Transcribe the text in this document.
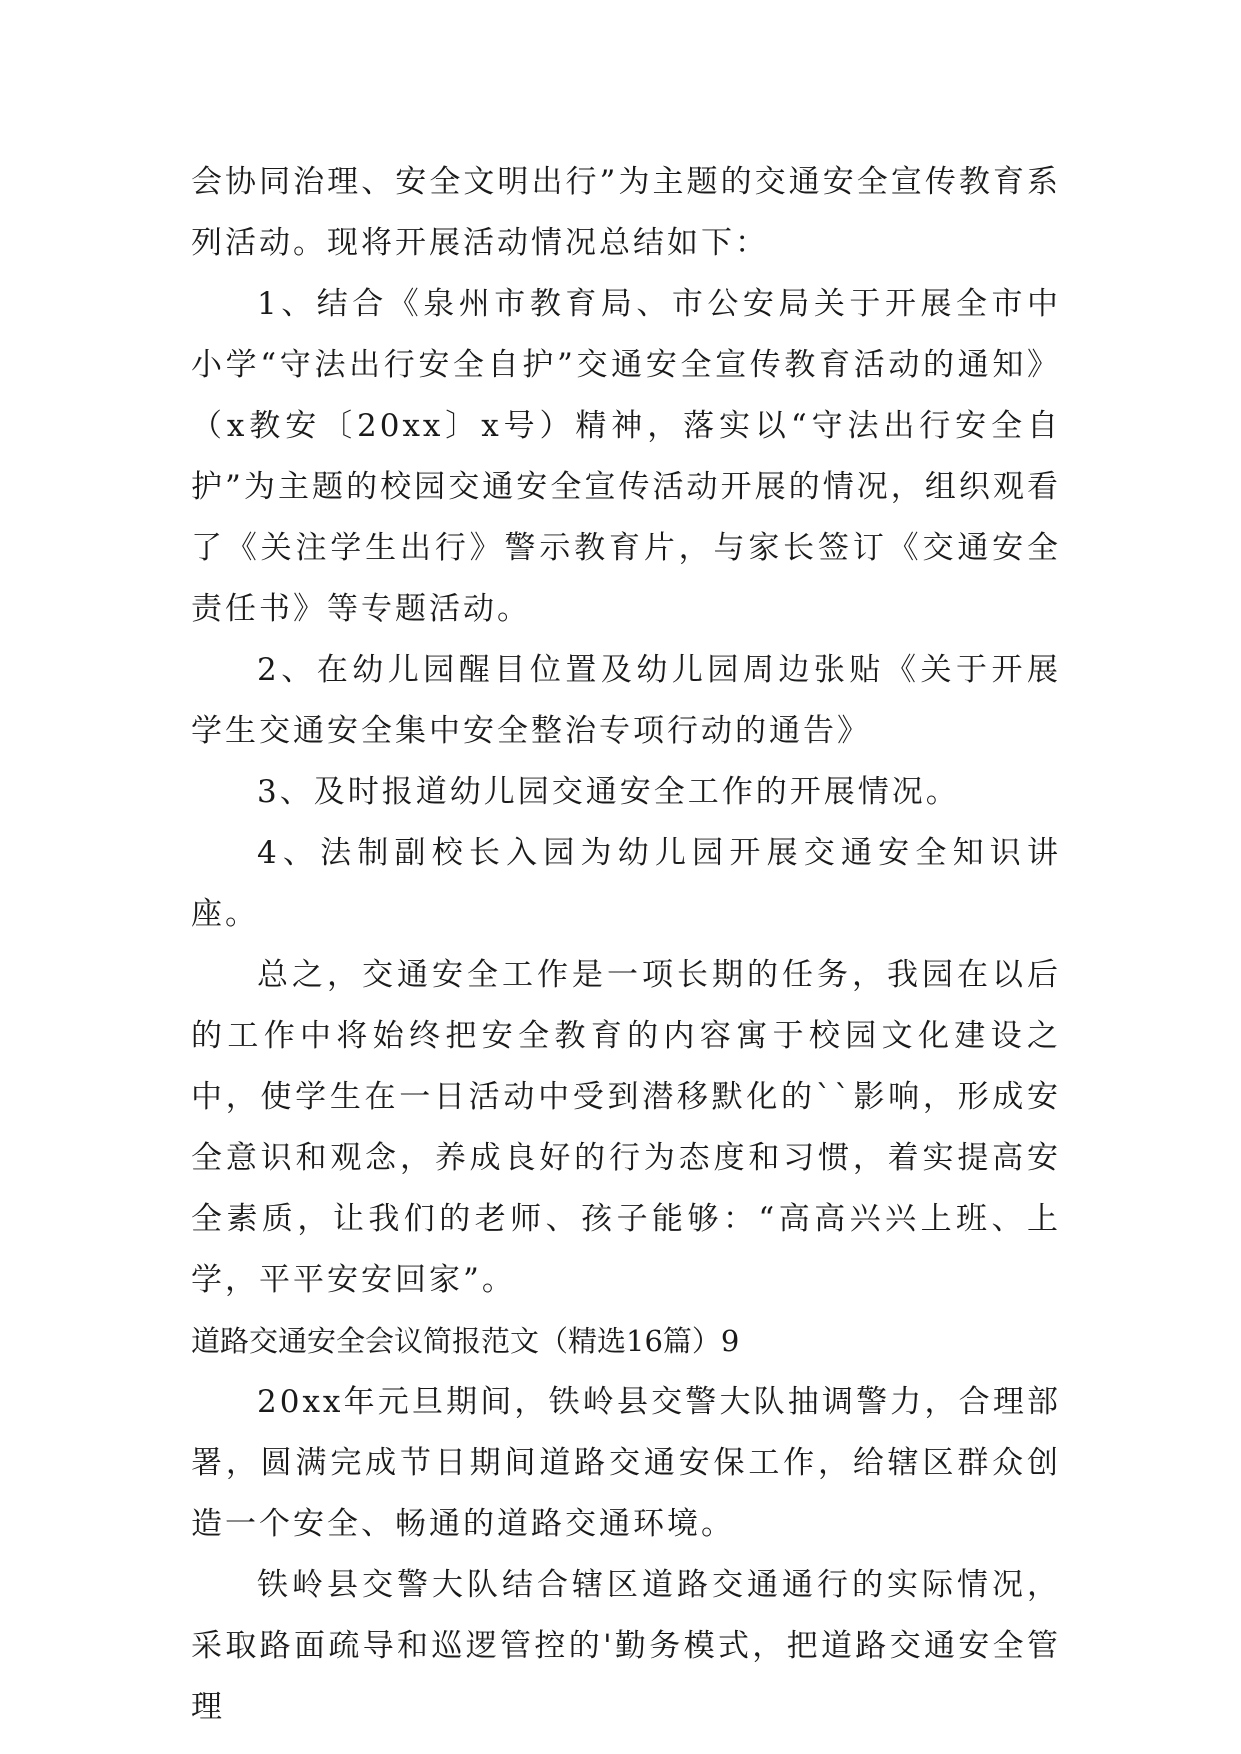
会协同治理、安全文明出行”为主题的交通安全宣传教育系列活动。现将开展活动情况总结如下：

1、结合《泉州市教育局、市公安局关于开展全市中小学“守法出行安全自护”交通安全宣传教育活动的通知》（x教安〔20xx〕x号）精神，落实以“守法出行安全自护”为主题的校园交通安全宣传活动开展的情况，组织观看了《关注学生出行》警示教育片，与家长签订《交通安全责任书》等专题活动。

2、在幼儿园醒目位置及幼儿园周边张贴《关于开展学生交通安全集中安全整治专项行动的通告》

3、及时报道幼儿园交通安全工作的开展情况。

4、法制副校长入园为幼儿园开展交通安全知识讲座。

总之，交通安全工作是一项长期的任务，我园在以后的工作中将始终把安全教育的内容寓于校园文化建设之中，使学生在一日活动中受到潜移默化的``影响，形成安全意识和观念，养成良好的行为态度和习惯，着实提高安全素质，让我们的老师、孩子能够：“高高兴兴上班、上学，平平安安回家”。

道路交通安全会议简报范文（精选16篇）9

20xx年元旦期间，铁岭县交警大队抽调警力，合理部署，圆满完成节日期间道路交通安保工作，给辖区群众创造一个安全、畅通的道路交通环境。

铁岭县交警大队结合辖区道路交通通行的实际情况，采取路面疏导和巡逻管控的'勤务模式，把道路交通安全管理
